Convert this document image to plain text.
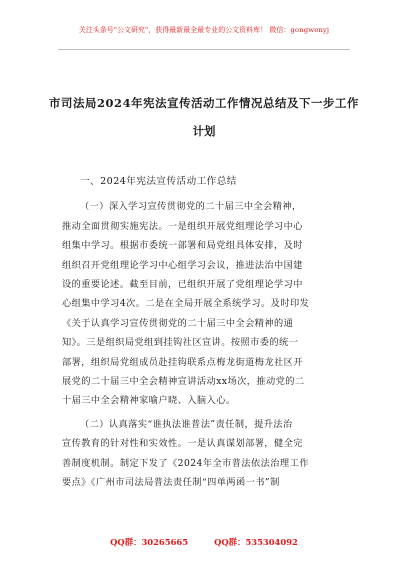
关注头条号"公文研究"，获得最新最全最专业的公文资料库！ 微信：gongwenyj
市司法局2024年宪法宣传活动工作情况总结及下一步工作
计划

一、2024年宪法宣传活动工作总结

（一）深入学习宣传贯彻党的二十届三中全会精神，
推动全面贯彻实施宪法。一是组织开展党组理论学习中心
组集中学习。根据市委统一部署和局党组具体安排，及时
组织召开党组理论学习中心组学习会议，推进法治中国建
设的重要论述。截至目前，已组织开展了党组理论学习中
心组集中学习4次。二是在全局开展全系统学习。及时印发
《关于认真学习宣传贯彻党的二十届三中全会精神的通
知》。三是组织局党组到挂钩社区宣讲。按照市委的统一
部署，组织局党组成员赴挂钩联系点梅龙街道梅龙社区开
展党的二十届三中全会精神宣讲活动xx场次，推动党的二
十届三中全会精神家喻户晓、入脑入心。
（二）认真落实“谁执法谁普法”责任制，提升法治
宣传教育的针对性和实效性。一是认真谋划部署，健全完
善制度机制。制定下发了《2024年全市普法依法治理工作
要点》《广州市司法局普法责任制“四单两函一书”制
QQ群：30265665	QQ群：535304092
